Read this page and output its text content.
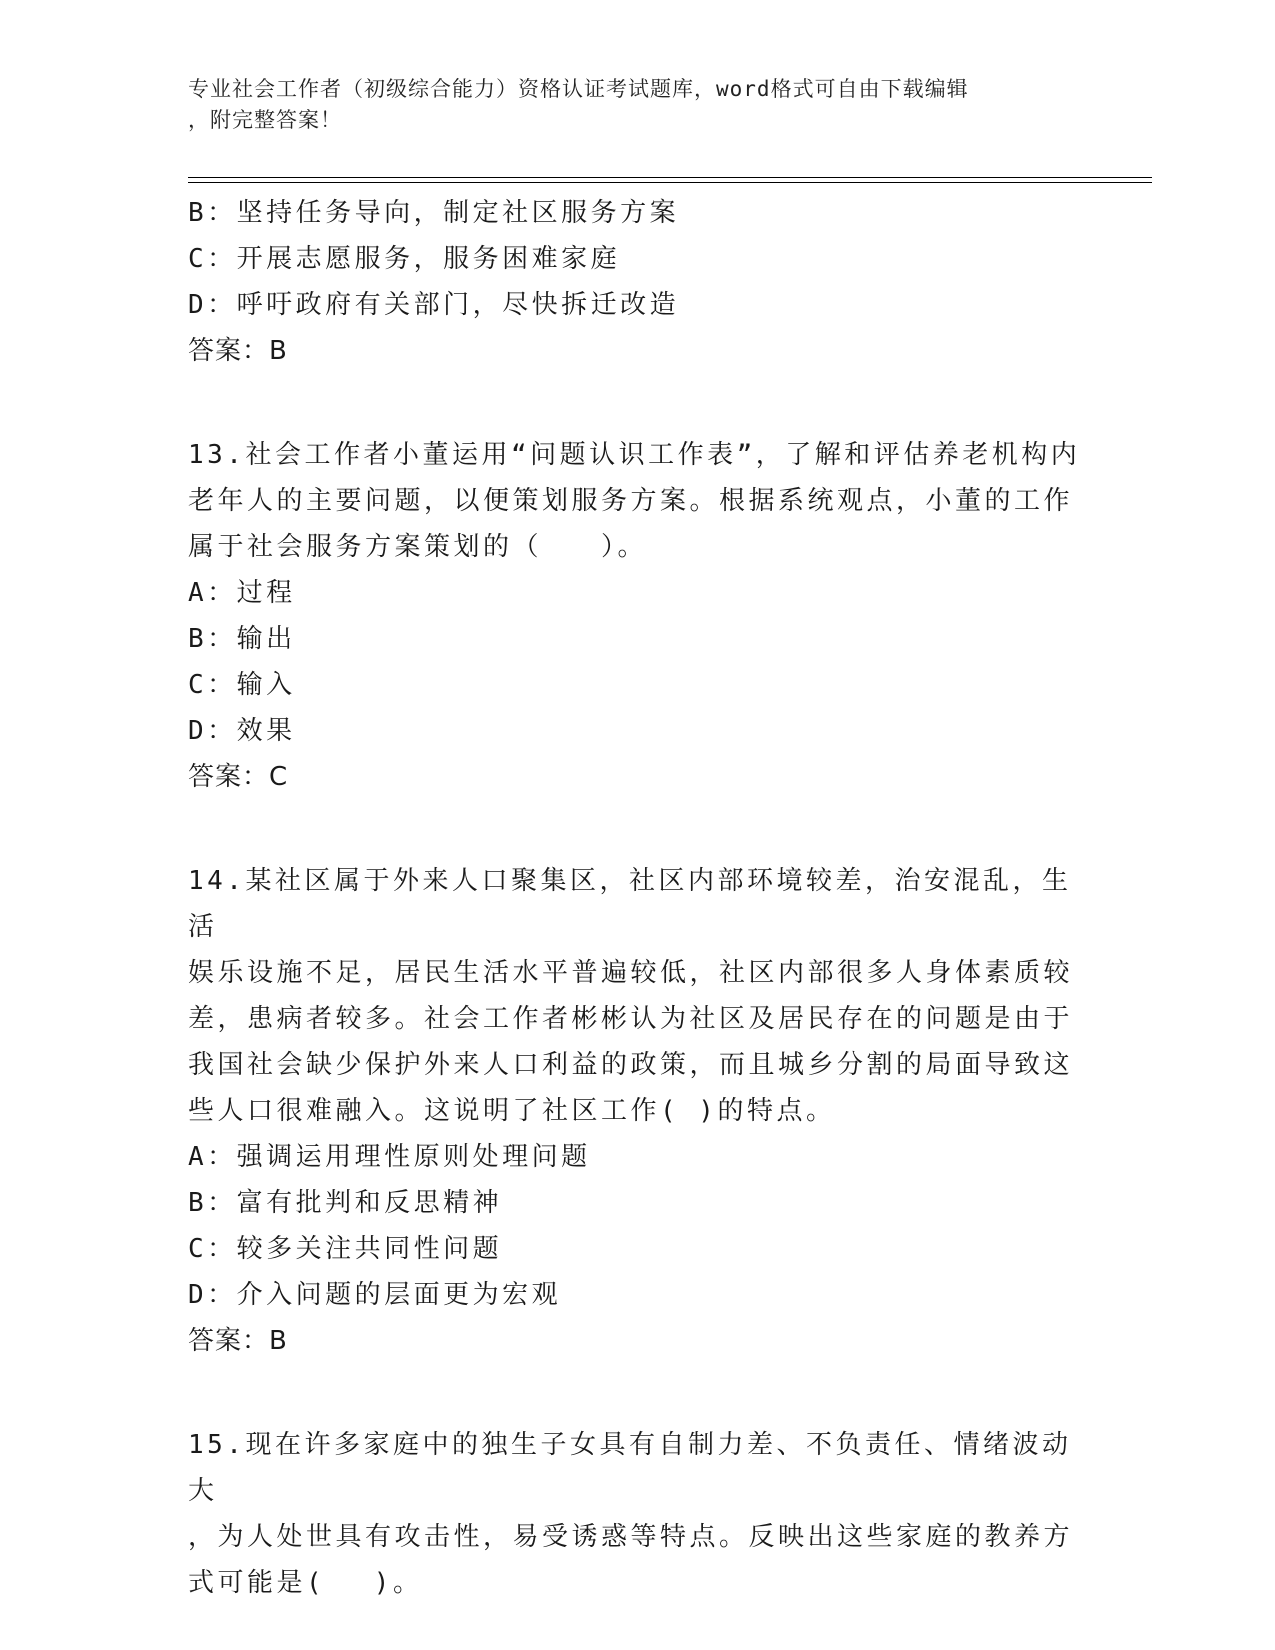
专业社会工作者（初级综合能力）资格认证考试题库，word格式可自由下载编辑
，附完整答案！

B：坚持任务导向，制定社区服务方案

C：开展志愿服务，服务困难家庭

D：呼吁政府有关部门，尽快拆迁改造

答案：B

13.社会工作者小董运用“问题认识工作表”，了解和评估养老机构内

老年人的主要问题，以便策划服务方案。根据系统观点，小董的工作

属于社会服务方案策划的（　　）。

A：过程

B：输出

C：输入

D：效果

答案：C

14.某社区属于外来人口聚集区，社区内部环境较差，治安混乱，生活

娱乐设施不足，居民生活水平普遍较低，社区内部很多人身体素质较

差，患病者较多。社会工作者彬彬认为社区及居民存在的问题是由于

我国社会缺少保护外来人口利益的政策，而且城乡分割的局面导致这

些人口很难融入。这说明了社区工作( )的特点。

A：强调运用理性原则处理问题

B：富有批判和反思精神

C：较多关注共同性问题

D：介入问题的层面更为宏观

答案：B

15.现在许多家庭中的独生子女具有自制力差、不负责任、情绪波动大

，为人处世具有攻击性，易受诱惑等特点。反映出这些家庭的教养方

式可能是(　 )。
